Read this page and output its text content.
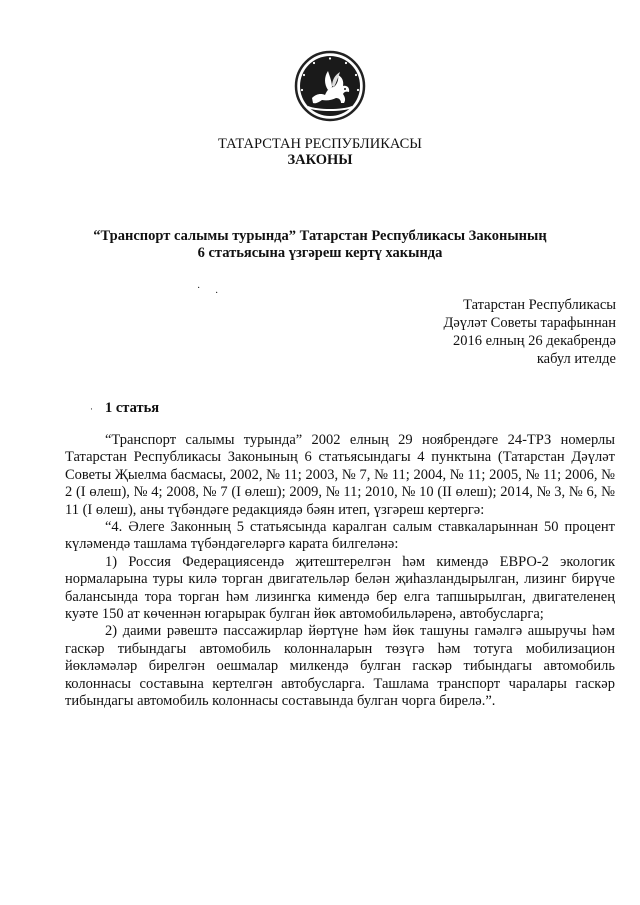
ТАТАРСТАН РЕСПУБЛИКАСЫ
ЗАКОНЫ
“Транспорт салымы турында” Татарстан Республикасы Законының
6 статьясына үзгәреш кертү хакында
· ·
Татарстан Республикасы
Дәүләт Советы тарафыннан
2016 елның 26 декабрендә
кабул ителде
· 1 статья

“Транспорт салымы турында” 2002 елның 29 ноябрендәге 24-ТРЗ номерлы Татарстан Республикасы Законының 6 статьясындагы 4 пунктына (Татарстан Дәүләт Советы Җыелма басмасы, 2002, № 11; 2003, № 7, № 11; 2004, № 11; 2005, № 11; 2006, № 2 (I өлеш), № 4; 2008, № 7 (I өлеш); 2009, № 11; 2010, № 10 (II өлеш); 2014, № 3, № 6, № 11 (I өлеш), аны түбәндәге редакциядә бәян итеп, үзгәреш кертергә:

“4. Әлеге Законның 5 статьясында каралган салым ставкаларыннан 50 процент күләмендә ташлама түбәндәгеләргә карата билгеләнә:

1) Россия Федерациясендә җитештерелгән һәм кимендә ЕВРО-2 экологик нормаларына туры килә торган двигательләр белән җиһазландырылган, лизинг бирүче балансында тора торган һәм лизингка кимендә бер елга тапшырылган, двигателенең куәте 150 ат көченнән югарырак булган йөк автомобильләренә, автобусларга;

2) даими рәвештә пассажирлар йөртүне һәм йөк ташуны гамәлгә ашыручы һәм гаскәр тибындагы автомобиль колонналарын төзүгә һәм тотуга мобилизацион йөкләмәләр бирелгән оешмалар милкендә булган гаскәр тибындагы автомобиль колоннасы составына кертелгән автобусларга. Ташлама транспорт чаралары гаскәр тибындагы автомобиль колоннасы составында булган чорга бирелә.”.
